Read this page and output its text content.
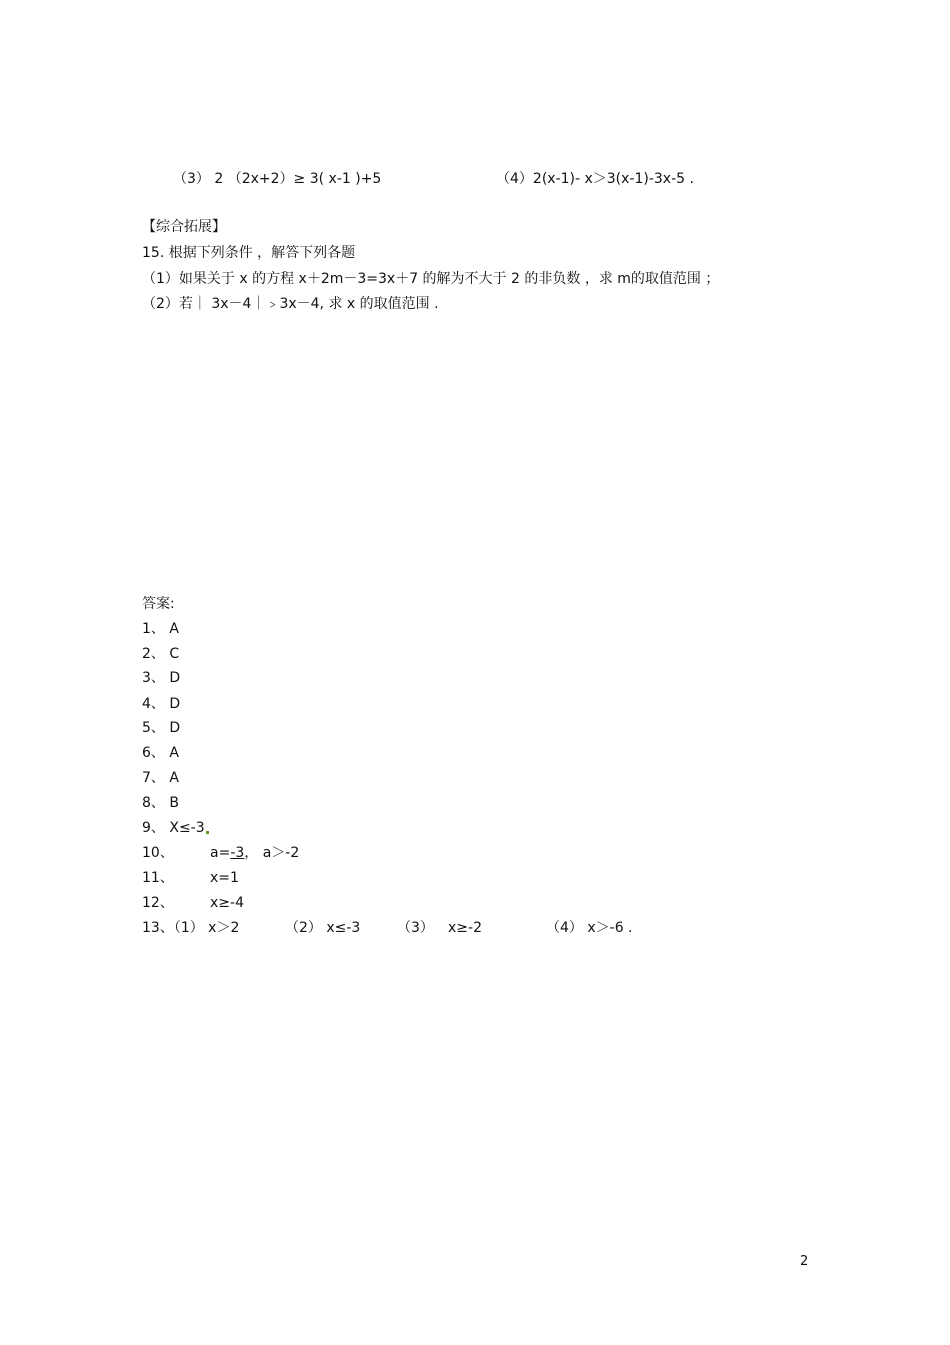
（3） 2 （2x+2）≥ 3( x-1 )+5	（4）2(x-1)- x＞3(x-1)-3x-5 .
【综合拓展】
15. 根据下列条件 ，解答下列各题
（1）如果关于 x 的方程 x＋2m－3=3x＋7 的解为不大于 2 的非负数 ，求 m的取值范围 ；
（2）若｜ 3x－4｜﹥3x－4, 求 x 的取值范围 .
答案:
1、 A
2、 C
3、 D
4、 D
5、 D
6、 A
7、 A
8、 B
9、 X≤-3
10、	a=-3， a＞-2
11、	x=1
12、	x≥-4
13、（1） x＞2	（2） x≤-3	（3） x≥-2	（4） x＞-6 .
2
